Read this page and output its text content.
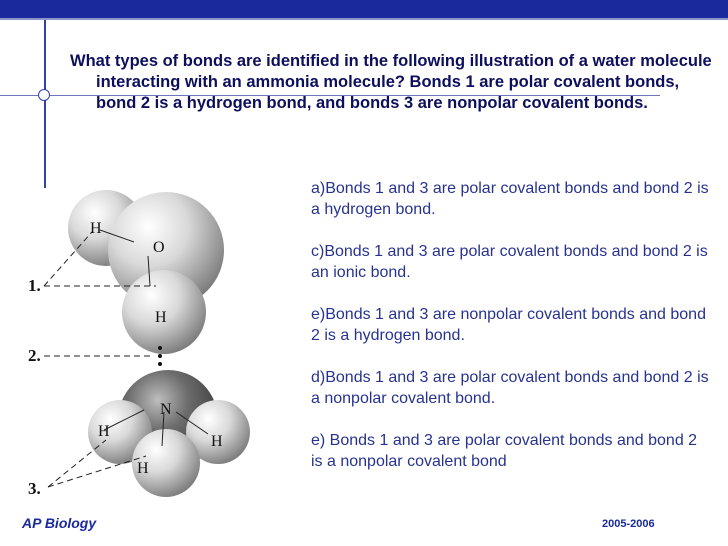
What types of bonds are identified in the following illustration of a water molecule interacting with an ammonia molecule? Bonds 1 are polar covalent bonds, bond 2 is a hydrogen bond, and bonds 3 are nonpolar covalent bonds.

a)Bonds 1 and 3 are polar covalent bonds and bond 2 is a hydrogen bond.

c)Bonds 1 and 3 are polar covalent bonds and bond 2 is an ionic bond.

e)Bonds 1 and 3 are nonpolar covalent bonds and bond 2 is a hydrogen bond.

d)Bonds 1 and 3 are polar covalent bonds and bond 2 is a nonpolar covalent bond.

e) Bonds 1 and 3 are polar covalent bonds and bond 2 is a nonpolar covalent bond

H
O
H
N
H
H
H
1.
2.
3.
AP Biology	2005-2006
